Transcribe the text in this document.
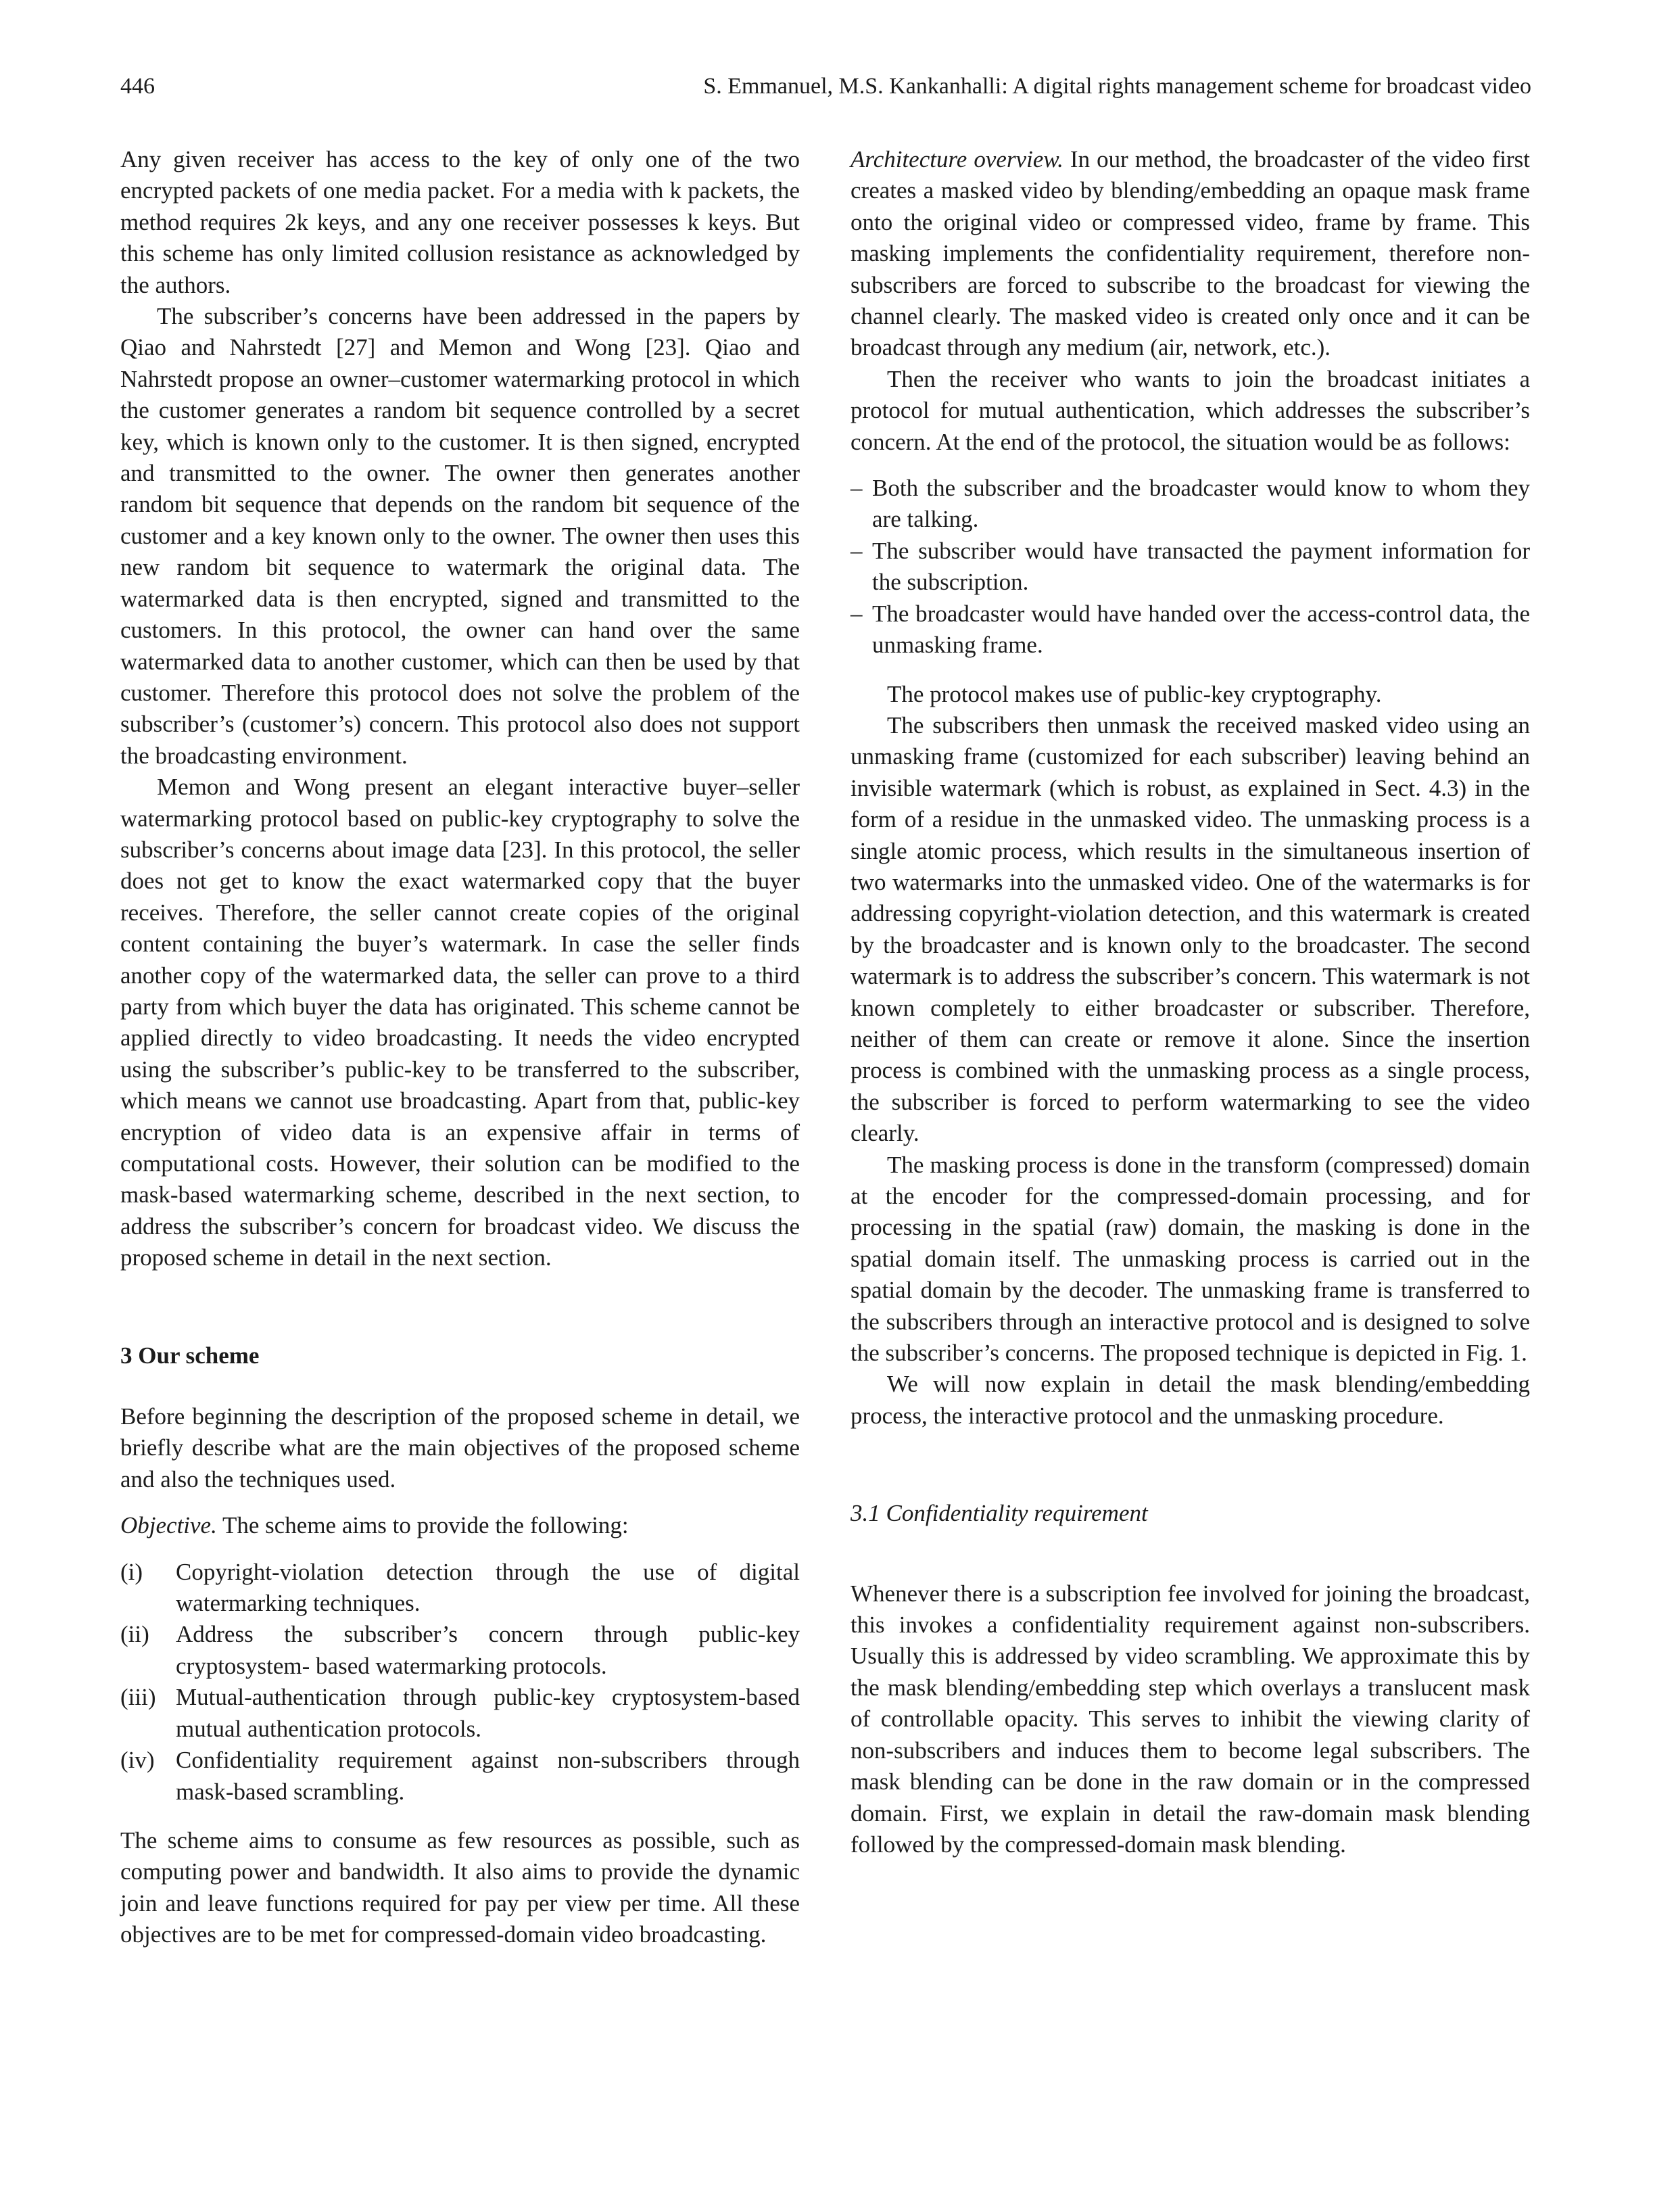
446	S. Emmanuel, M.S. Kankanhalli: A digital rights management scheme for broadcast video

Any given receiver has access to the key of only one of the two encrypted packets of one media packet. For a media with k packets, the method requires 2k keys, and any one receiver possesses k keys. But this scheme has only limited collusion resistance as acknowledged by the authors.

The subscriber’s concerns have been addressed in the papers by Qiao and Nahrstedt [27] and Memon and Wong [23]. Qiao and Nahrstedt propose an owner–customer watermarking protocol in which the customer generates a random bit sequence controlled by a secret key, which is known only to the customer. It is then signed, encrypted and transmitted to the owner. The owner then generates another random bit sequence that depends on the random bit sequence of the customer and a key known only to the owner. The owner then uses this new random bit sequence to watermark the original data. The watermarked data is then encrypted, signed and transmitted to the customers. In this protocol, the owner can hand over the same watermarked data to another customer, which can then be used by that customer. Therefore this protocol does not solve the problem of the subscriber’s (customer’s) concern. This protocol also does not support the broadcasting environment.

Memon and Wong present an elegant interactive buyer–seller watermarking protocol based on public-key cryptography to solve the subscriber’s concerns about image data [23]. In this protocol, the seller does not get to know the exact watermarked copy that the buyer receives. Therefore, the seller cannot create copies of the original content containing the buyer’s watermark. In case the seller finds another copy of the watermarked data, the seller can prove to a third party from which buyer the data has originated. This scheme cannot be applied directly to video broadcasting. It needs the video encrypted using the subscriber’s public-key to be transferred to the subscriber, which means we cannot use broadcasting. Apart from that, public-key encryption of video data is an expensive affair in terms of computational costs. However, their solution can be modified to the mask-based watermarking scheme, described in the next section, to address the subscriber’s concern for broadcast video. We discuss the proposed scheme in detail in the next section.

3 Our scheme

Before beginning the description of the proposed scheme in detail, we briefly describe what are the main objectives of the proposed scheme and also the techniques used.

Objective. The scheme aims to provide the following:

(i) Copyright-violation detection through the use of digital watermarking techniques.
(ii) Address the subscriber’s concern through public-key cryptosystem- based watermarking protocols.
(iii) Mutual-authentication through public-key cryptosystem-based mutual authentication protocols.
(iv) Confidentiality requirement against non-subscribers through mask-based scrambling.

The scheme aims to consume as few resources as possible, such as computing power and bandwidth. It also aims to provide the dynamic join and leave functions required for pay per view per time. All these objectives are to be met for compressed-domain video broadcasting.

Architecture overview. In our method, the broadcaster of the video first creates a masked video by blending/embedding an opaque mask frame onto the original video or compressed video, frame by frame. This masking implements the confidentiality requirement, therefore non-subscribers are forced to subscribe to the broadcast for viewing the channel clearly. The masked video is created only once and it can be broadcast through any medium (air, network, etc.).

Then the receiver who wants to join the broadcast initiates a protocol for mutual authentication, which addresses the subscriber’s concern. At the end of the protocol, the situation would be as follows:

– Both the subscriber and the broadcaster would know to whom they are talking.
– The subscriber would have transacted the payment information for the subscription.
– The broadcaster would have handed over the access-control data, the unmasking frame.

The protocol makes use of public-key cryptography.

The subscribers then unmask the received masked video using an unmasking frame (customized for each subscriber) leaving behind an invisible watermark (which is robust, as explained in Sect. 4.3) in the form of a residue in the unmasked video. The unmasking process is a single atomic process, which results in the simultaneous insertion of two watermarks into the unmasked video. One of the watermarks is for addressing copyright-violation detection, and this watermark is created by the broadcaster and is known only to the broadcaster. The second watermark is to address the subscriber’s concern. This watermark is not known completely to either broadcaster or subscriber. Therefore, neither of them can create or remove it alone. Since the insertion process is combined with the unmasking process as a single process, the subscriber is forced to perform watermarking to see the video clearly.

The masking process is done in the transform (compressed) domain at the encoder for the compressed-domain processing, and for processing in the spatial (raw) domain, the masking is done in the spatial domain itself. The unmasking process is carried out in the spatial domain by the decoder. The unmasking frame is transferred to the subscribers through an interactive protocol and is designed to solve the subscriber’s concerns. The proposed technique is depicted in Fig. 1.

We will now explain in detail the mask blending/embedding process, the interactive protocol and the unmasking procedure.

3.1 Confidentiality requirement

Whenever there is a subscription fee involved for joining the broadcast, this invokes a confidentiality requirement against non-subscribers. Usually this is addressed by video scrambling. We approximate this by the mask blending/embedding step which overlays a translucent mask of controllable opacity. This serves to inhibit the viewing clarity of non-subscribers and induces them to become legal subscribers. The mask blending can be done in the raw domain or in the compressed domain. First, we explain in detail the raw-domain mask blending followed by the compressed-domain mask blending.
